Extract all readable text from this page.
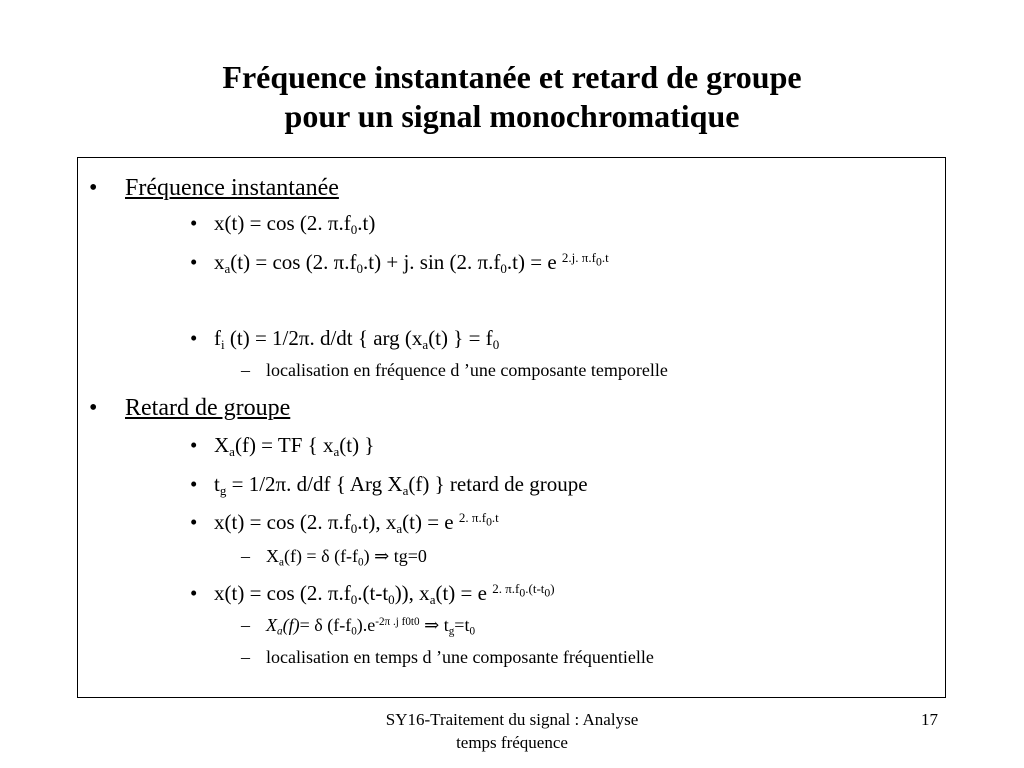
Fréquence instantanée et retard de groupe
pour un signal monochromatique
• Fréquence instantanée
• x(t) = cos (2. $\pi.f_0.t$)
• $x_a(t) = \cos (2$. $\pi.f_0.t) + j$. sin (2. $\pi.f_0.t) = e$ $^{2.j. \pi.f_0.t}$
• $f_i$ (t) = 1/2π. d/dt { arg ($x_a(t)$ } = $f_0$
– localisation en fréquence d ’une composante temporelle
• Retard de groupe
• $X_a(f)$ = TF { $x_a(t)$ }
• $t_g = 1/2\pi$. d/df { Arg $X_a(f)$ } retard de groupe
• x(t) = cos (2. $\pi.f_0.t$), $x_a(t) = e$ $^{2. \pi.f_0.t}$
– $X_a(f) = \delta$ $(f-f_0)$ ⇒ tg=0
• x(t) = cos (2. $\pi.f_0.(t-t_0)$), $x_a(t) = e$ $^{2. \pi.f_0.(t-t_0)}$
– $X_a(f)= \delta$ $(f-f_0).e^{-2\pi .j f0t0}$ ⇒ $t_g=t_0$
– localisation en temps d ’une composante fréquentielle
SY16-Traitement du signal : Analyse
temps fréquence
17
